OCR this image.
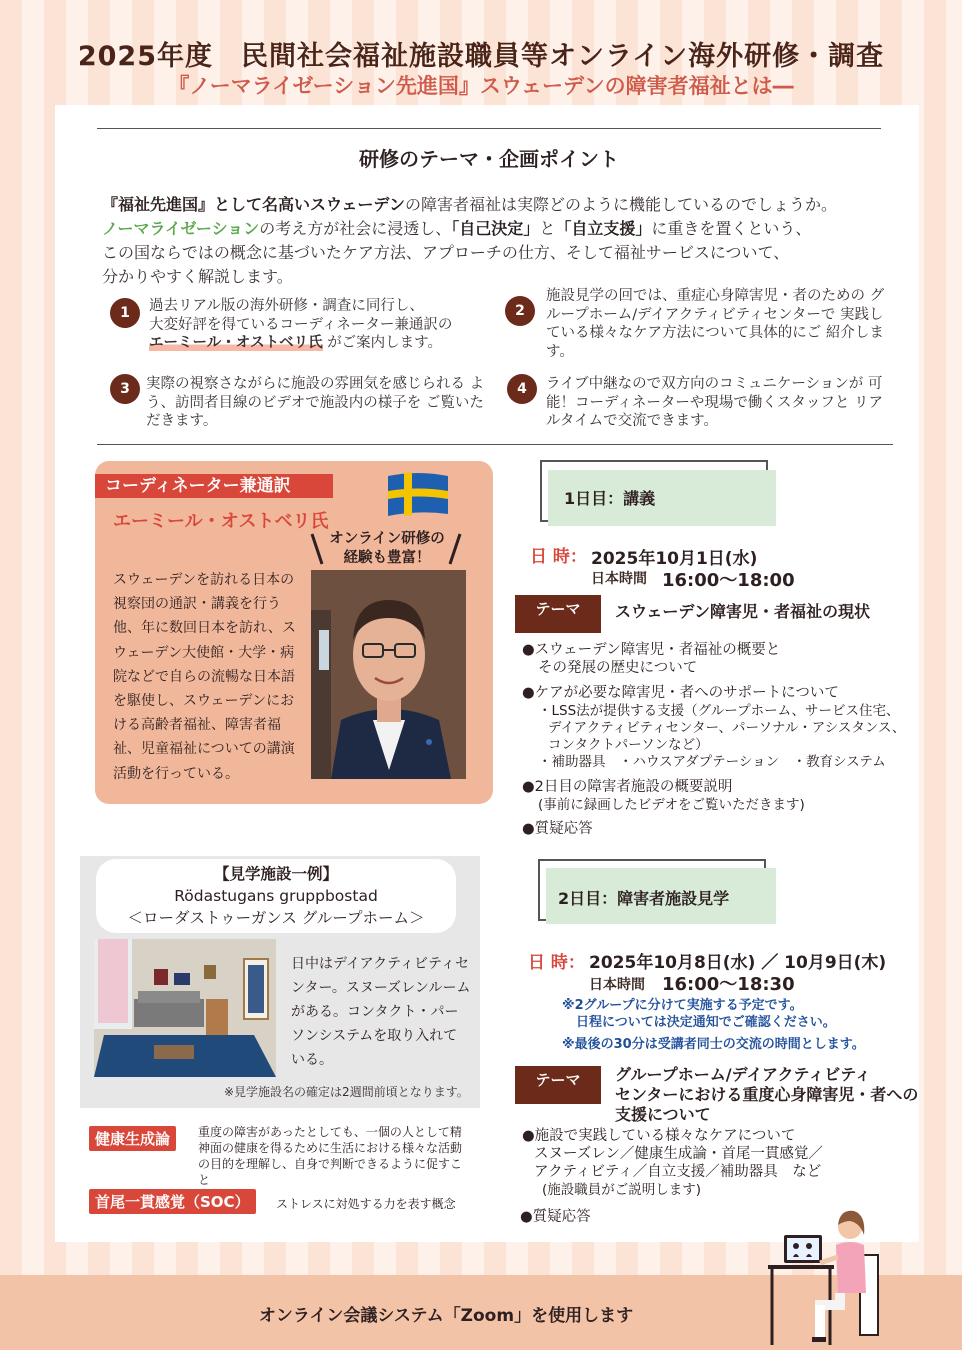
2025年度　民間社会福祉施設職員等オンライン海外研修・調査
『ノーマライゼーション先進国』スウェーデンの障害者福祉とは―
研修のテーマ・企画ポイント
『福祉先進国』として名高いスウェーデンの障害者福祉は実際どのように機能しているのでしょうか。
ノーマライゼーションの考え方が社会に浸透し、「自己決定」と「自立支援」に重きを置くという、
この国ならではの概念に基づいたケア方法、アプローチの仕方、そして福祉サービスについて、
分かりやすく解説します。
1	過去リアル版の海外研修・調査に同行し、
大変好評を得ているコーディネーター兼通訳の
エーミール・オストベリ氏 がご案内します。
2
施設見学の回では、重症心身障害児・者のための グループホーム/デイアクティビティセンターで 実践している様々なケア方法について具体的にご 紹介します。
3	実際の視察さながらに施設の雰囲気を感じられる よう、訪問者目線のビデオで施設内の様子を ご覧いただきます。
4	ライブ中継なので双方向のコミュニケーションが 可能！コーディネーターや現場で働くスタッフと リアルタイムで交流できます。
コーディネーター兼通訳
エーミール・オストベリ氏
オンライン研修の
経験も豊富！
スウェーデンを訪れる日本の視察団の通訳・講義を行う他、年に数回日本を訪れ、スウェーデン大使館・大学・病院などで自らの流暢な日本語を駆使し、スウェーデンにおける高齢者福祉、障害者福祉、児童福祉についての講演活動を行っている。
【見学施設一例】
Rödastugans gruppbostad
＜ローダストゥーガンス グループホーム＞
日中はデイアクティビティセンター。スヌーズレンルームがある。コンタクト・パーソンシステムを取り入れている。
※見学施設名の確定は2週間前頃となります。
健康生成論	重度の障害があったとしても、一個の人として精神面の健康を得るために生活における様々な活動の目的を理解し、自身で判断できるように促すこと
首尾一貫感覚（SOC）	ストレスに対処する力を表す概念
1日目：講義
日 時： 2025年10月1日(水)
日本時間 16:00～18:00
テーマ	スウェーデン障害児・者福祉の現状
●スウェーデン障害児・者福祉の概要と
その発展の歴史について
●ケアが必要な障害児・者へのサポートについて
・LSS法が提供する支援（グループホーム、サービス住宅、
デイアクティビティセンター、パーソナル・アシスタンス、
コンタクトパーソンなど）
・補助器具　・ハウスアダプテーション　・教育システム
●2日目の障害者施設の概要説明
(事前に録画したビデオをご覧いただきます)
●質疑応答
2日目：障害者施設見学
日 時： 2025年10月8日(水) ／ 10月9日(木)
日本時間 16:00～18:30
※2グループに分けて実施する予定です。
日程については決定通知でご確認ください。
※最後の30分は受講者同士の交流の時間とします。
テーマ	グループホーム/デイアクティビティ
センターにおける重度心身障害児・者への
支援について
●施設で実践している様々なケアについて
スヌーズレン／健康生成論・首尾一貫感覚／
アクティビティ／自立支援／補助器具　など
(施設職員がご説明します)
●質疑応答
オンライン会議システム「Zoom」を使用します
